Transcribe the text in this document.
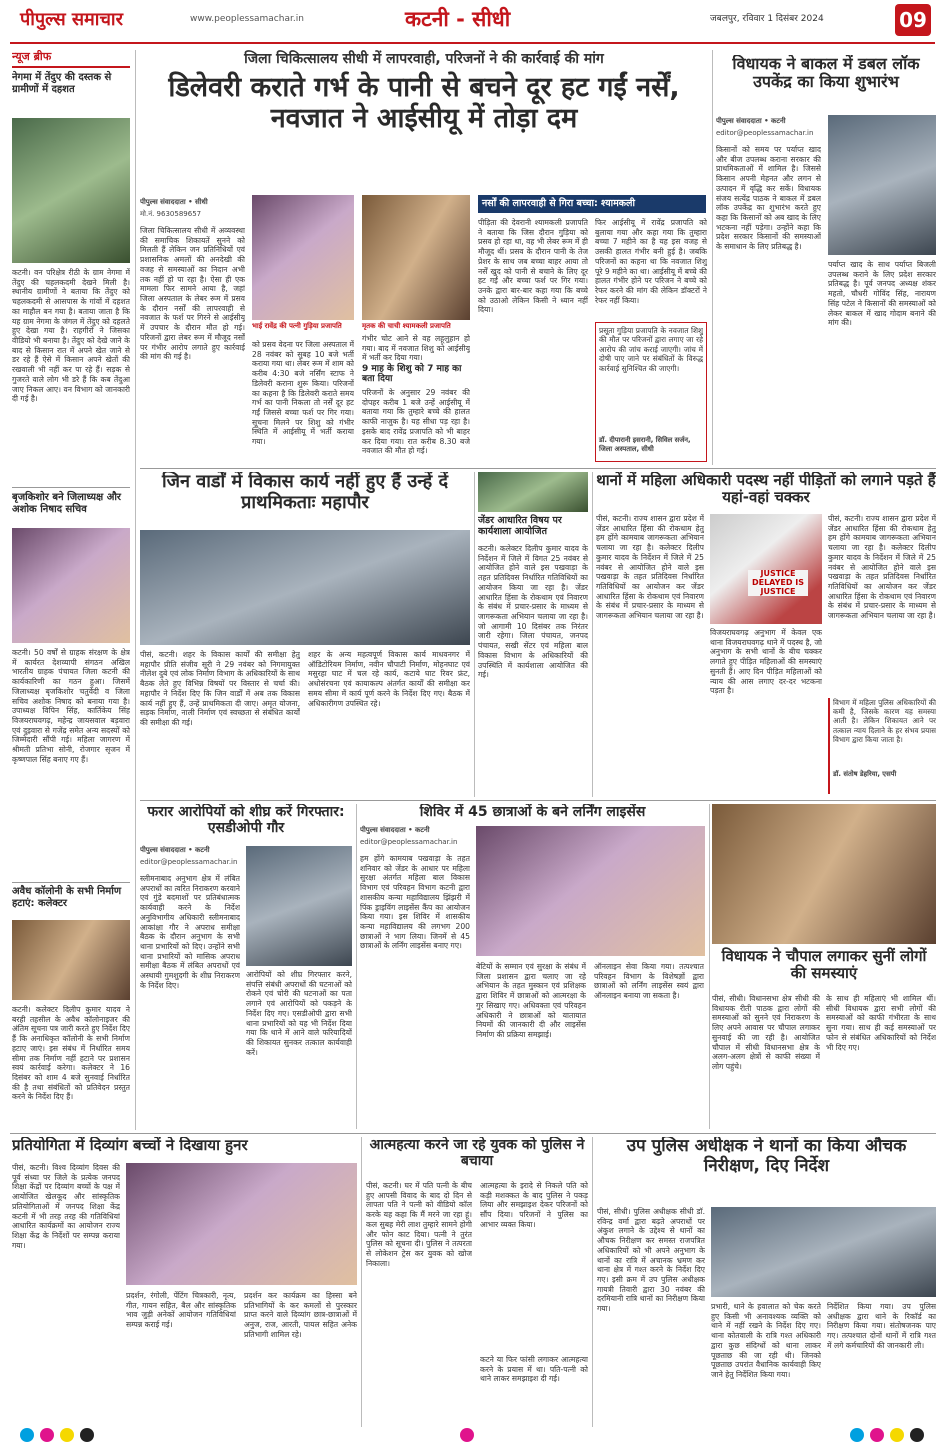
पीपुल्स समाचार	www.peoplessamachar.in	कटनी - सीधी	जबलपुर, रविवार 1 दिसंबर 2024	09
न्यूज ब्रीफ
नेगमा में तेंदुए की दस्तक से ग्रामीणों में दहशत
कटनी। वन परिक्षेत्र रीठी के ग्राम नेगमा में तेंदुए की चहलकदमी देखने मिली है। स्थानीय ग्रामीणों ने बताया कि तेंदुए को चहलकदमी से आसपास के गांवों में दहशत का माहौल बन गया है। बताया जाता है कि यह ग्राम नेगमा के जंगल में तेंदुए को दहलते हुए देखा गया है। राहगीरों ने जिसका वीडियो भी बनाया है। तेंदुए को देखे जाने के बाद से किसान रात में अपने खेत जाने से डर रहे हैं ऐसे में किसान अपने खेतों की रखवाली भी नहीं कर पा रहे हैं। सड़क से गुजरते वाले लोग भी डरे हैं कि कब तेंदुआ जाए निकल आए। वन विभाग को जानकारी दी गई है।
बृजकिशोर बने जिलाध्यक्ष और अशोक निषाद सचिव
कटनी। 50 वर्षों से ग्राहक संरक्षण के क्षेत्र में कार्यरत देशव्यापी संगठन अखिल भारतीय ग्राहक पंचायत जिला कटनी की कार्यकारिणी का गठन हुआ। जिसमें जिलाध्यक्ष बृजकिशोर चतुर्वेदी व जिला सचिव अशोक निषाद को बनाया गया है। उपाध्यक्ष विपिन सिंह, कार्तिकेय सिंह विजयराघवगढ़, महेन्द्र जायसवाल बड़वारा एवं दुइवारा से गजेंद्र समेत अन्य सदस्यों को जिम्मेदारी सौंपी गई। महिला जागरण में श्रीमती प्रतिभा सोनी, रोजगार सृजन में कृष्णपाल सिंह बनाए गए हैं।
अवैध कॉलोनी के सभी निर्माण हटाएं: कलेक्टर
कटनी। कलेक्टर दिलीप कुमार यादव ने बरही तहसील के अवैध कॉलोनाइजर की अंतिम सूचना पत्र जारी करते हुए निर्देश दिए हैं कि अनाधिकृत कॉलोनी के सभी निर्माण हटाए जाएं। इस संबंध में निर्धारित समय सीमा तक निर्माण नहीं हटाने पर प्रशासन स्वयं कार्रवाई करेगा। कलेक्टर ने 16 दिसंबर को शाम 4 बजे सुनवाई निर्धारित की है तथा संबंधितों को प्रतिवेदन प्रस्तुत करने के निर्देश दिए हैं।
जिला चिकित्सालय सीधी में लापरवाही, परिजनों ने की कार्रवाई की मांग
डिलेवरी कराते गर्भ के पानी से बचने दूर हट गईं नर्सें, नवजात ने आईसीयू में तोड़ा दम
पीपुल्स संवाददाता • सीधी
मो.नं. 9630589657
जिला चिकित्सालय सीधी में अव्यवस्था की समाचिक शिकायतें सुनने को मिलती हैं लेकिन जन प्रतिनिधियों एवं प्रशासनिक अमलों की अनदेखी की वजह से समस्याओं का निदान अभी तक नहीं हो पा रहा है। ऐसा ही एक मामला फिर सामने आया है, जहां जिला अस्पताल के लेबर रूम में प्रसव के दौरान नर्सों की लापरवाही से नवजात के फर्श पर गिरने से आईसीयू में उपचार के दौरान मौत हो गई। परिजनों द्वारा लेबर रूम में मौजूद नर्सों पर गंभीर आरोप लगाते हुए कार्रवाई की मांग की गई है।
भाई रावेंद्र की पत्नी गुड़िया प्रजापति
को प्रसव वेदना पर जिला अस्पताल में 28 नवंबर को सुबह 10 बजे भर्ती कराया गया था। लेबर रूम में शाम को करीब 4:30 बजे नर्सिंग स्टाफ ने डिलेवरी कराना शुरू किया। परिजनों का कहना है कि डिलेवरी कराते समय गर्भ का पानी निकला तो नर्सें दूर हट गईं जिससे बच्चा फर्श पर गिर गया। सूचना मिलने पर शिशु को गंभीर स्थिति में आईसीयू में भर्ती कराया गया।
मृतक की चाची श्यामकली प्रजापति
गंभीर चोट आने से वह लहूलुहान हो गया। बाद में नवजात शिशु को आईसीयू में भर्ती कर दिया गया।
9 माह के शिशु को 7 माह का बता दिया
परिजनों के अनुसार 29 नवंबर की दोपहर करीब 1 बजे उन्हें आईसीयू में बताया गया कि तुम्हारे बच्चे की हालत काफी नाजुक है। यह सीधा पड़ रहा है। इसके बाद रावेंद्र प्रजापति को भी बाहर कर दिया गया। रात करीब 8.30 बजे नवजात की मौत हो गई।
नर्सों की लापरवाही से गिरा बच्चा: श्यामकली
पीड़िता की देवरानी श्यामकली प्रजापति ने बताया कि जिस दौरान गुड़िया को प्रसव हो रहा था, वह भी लेबर रूम में ही मौजूद थीं। प्रसव के दौरान पानी के तेज प्रेशर के साथ जब बच्चा बाहर आया तो नर्सें खुद को पानी से बचाने के लिए दूर हट गईं और बच्चा फर्श पर गिर गया। उनके द्वारा बार-बार कहा गया कि बच्चे को उठाओ लेकिन किसी ने ध्यान नहीं दिया।
फिर आईसीयू में रावेंद्र प्रजापति को बुलाया गया और कहा गया कि तुम्हारा बच्चा 7 महीने का है यह इस वजह से उसकी हालत गंभीर बनी हुई है। जबकि परिजनों का कहना था कि नवजात शिशु पूरे 9 महीने का था। आईसीयू में बच्चे की हालत गंभीर होने पर परिजन ने बच्चे को रेफर करने की मांग की लेकिन डॉक्टरों ने रेफर नहीं किया।
प्रसूता गुड़िया प्रजापति के नवजात शिशु की मौत पर परिजनों द्वारा लगाए जा रहे आरोप की जांच कराई जाएगी। जांच में दोषी पाए जाने पर संबंधितों के विरुद्ध कार्रवाई सुनिश्चित की जाएगी।
डॉ. दीपारानी इसरानी, सिविल सर्जन, जिला अस्पताल, सीधी
विधायक ने बाकल में डबल लॉक उपकेंद्र का किया शुभारंभ
पीपुल्स संवाददाता • कटनी
editor@peoplessamachar.in
किसानों को समय पर पर्याप्त खाद और बीज उपलब्ध कराना सरकार की प्राथमिकताओं में शामिल है। जिससे किसान अपनी मेहनत और लगन से उत्पादन में वृद्धि कर सकें। विधायक संजय सत्येंद्र पाठक ने बाकल में डबल लॉक उपकेंद्र का शुभारंभ करते हुए कहा कि किसानों को अब खाद के लिए भटकना नहीं पड़ेगा। उन्होंने कहा कि प्रदेश सरकार किसानों की समस्याओं के समाधान के लिए प्रतिबद्ध है।
पर्याप्त खाद के साथ पर्याप्त बिजली उपलब्ध कराने के लिए प्रदेश सरकार प्रतिबद्ध है। पूर्व जनपद अध्यक्ष शंकर महतो, चौधरी गोविंद सिंह, नारायण सिंह पटेल ने किसानों की समस्याओं को लेकर बाकल में खाद गोदाम बनाने की मांग की।
जिन वार्डों में विकास कार्य नहीं हुए हैं उन्हें दें प्राथमिकताः महापौर
पीसं, कटनी। शहर के विकास कार्यों की समीक्षा हेतु महापौर प्रीति संजीव सूरी ने 29 नवंबर को निगमायुक्त नीलेश दुबे एवं लोक निर्माण विभाग के अधिकारियों के साथ बैठक लेते हुए विभिन्न विषयों पर विस्तार से चर्चा की। महापौर ने निर्देश दिए कि जिन वार्डों में अब तक विकास कार्य नहीं हुए हैं, उन्हें प्राथमिकता दी जाए। अमृत योजना, सड़क निर्माण, नाली निर्माण एवं स्वच्छता से संबंधित कार्यों की समीक्षा की गई।
शहर के अन्य महत्वपूर्ण विकास कार्य माधवनगर में ऑडिटोरियम निर्माण, नवीन चौपाटी निर्माण, मोहनघाट एवं मसुरहा घाट में चल रहे कार्य, कटाये घाट रिवर फ्रंट, अधोसंरचना एवं कायाकल्प अंतर्गत कार्यों की समीक्षा कर समय सीमा में कार्य पूर्ण करने के निर्देश दिए गए। बैठक में अधिकारीगण उपस्थित रहे।
जेंडर आधारित विषय पर कार्यशाला आयोजित
कटनी। कलेक्टर दिलीप कुमार यादव के निर्देशन में जिले में विगत 25 नवंबर से आयोजित होने वाले इस पखवाड़ा के तहत प्रतिदिवस निर्धारित गतिविधियों का आयोजन किया जा रहा है। जेंडर आधारित हिंसा के रोकथाम एवं निवारण के संबंध में प्रचार-प्रसार के माध्यम से जागरूकता अभियान चलाया जा रहा है। जो आगामी 10 दिसंबर तक निरंतर जारी रहेगा। जिला पंचायत, जनपद पंचायत, सखी सेंटर एवं महिला बाल विकास विभाग के अधिकारियों की उपस्थिति में कार्यशाला आयोजित की गई।
थानों में महिला अधिकारी पदस्थ नहीं पीड़ितों को लगाने पड़ते हैं यहां-वहां चक्कर
पीसं, कटनी। राज्य शासन द्वारा प्रदेश में जेंडर आधारित हिंसा की रोकथाम हेतु हम होंगे कामयाब जागरूकता अभियान चलाया जा रहा है। कलेक्टर दिलीप कुमार यादव के निर्देशन में जिले में 25 नवंबर से आयोजित होने वाले इस पखवाड़ा के तहत प्रतिदिवस निर्धारित गतिविधियों का आयोजन कर जेंडर आधारित हिंसा के रोकथाम एवं निवारण के संबंध में प्रचार-प्रसार के माध्यम से जागरूकता अभियान चलाया जा रहा है।
JUSTICE DELAYED IS JUSTICE
विजयराघवगढ़ अनुभाग में केवल एक थाना विजयराघवगढ़ थाने में पदस्थ है, जो अनुभाग के सभी थानों के बीच चक्कर लगाते हुए पीड़ित महिलाओं की समस्याएं सुनती हैं। आए दिन पीड़ित महिलाओं को न्याय की आस लगाए दर-दर भटकना पड़ता है।
पीसं, कटनी। राज्य शासन द्वारा प्रदेश में जेंडर आधारित हिंसा की रोकथाम हेतु हम होंगे कामयाब जागरूकता अभियान चलाया जा रहा है। कलेक्टर दिलीप कुमार यादव के निर्देशन में जिले में 25 नवंबर से आयोजित होने वाले इस पखवाड़ा के तहत प्रतिदिवस निर्धारित गतिविधियों का आयोजन कर जेंडर आधारित हिंसा के रोकथाम एवं निवारण के संबंध में प्रचार-प्रसार के माध्यम से जागरूकता अभियान चलाया जा रहा है।
विभाग में महिला पुलिस अधिकारियों की कमी है, जिसके कारण यह समस्या आती है। लेकिन शिकायत आने पर तत्काल न्याय दिलाने के हर संभव प्रयास विभाग द्वारा किया जाता है।
डॉ. संतोष डेहरिया, एसपी
फरार आरोपियों को शीघ्र करें गिरफ्तार: एसडीओपी गौर
पीपुल्स संवाददाता • कटनी
editor@peoplessamachar.in
स्लीमनाबाद अनुभाग क्षेत्र में लंबित अपराधों का त्वरित निराकरण करवाने एवं गुंडे बदमाशों पर प्रतिबंधात्मक कार्यवाही करने के निर्देश अनुविभागीय अधिकारी स्लीमनाबाद आकांक्षा गौर ने अपराध समीक्षा बैठक के दौरान अनुभाग के सभी थाना प्रभारियों को दिए। उन्होंने सभी थाना प्रभारियों को मासिक अपराध समीक्षा बैठक में लंबित अपराधों एवं अस्थायी गुमशुदगी के शीघ्र निराकरण के निर्देश दिए।
आरोपियों को शीघ्र गिरफ्तार करने, संपत्ति संबंधी अपराधों की घटनाओं को रोकने एवं चोरी की घटनाओं का पता लगाने एवं आरोपियों को पकड़ने के निर्देश दिए गए। एसडीओपी द्वारा सभी थाना प्रभारियों को यह भी निर्देश दिया गया कि थाने में आने वाले फरियादियों की शिकायत सुनकर तत्काल कार्यवाही करें।
शिविर में 45 छात्राओं के बने लर्निंग लाइसेंस
पीपुल्स संवाददाता • कटनी
editor@peoplessamachar.in
हम होंगे कामयाब पखवाड़ा के तहत शनिवार को जेंडर के आधार पर महिला सुरक्षा अंतर्गत महिला बाल विकास विभाग एवं परिवहन विभाग कटनी द्वारा शासकीय कन्या महाविद्यालय झिंझरी में पिंक ड्राइविंग लाइसेंस कैंप का आयोजन किया गया। इस शिविर में शासकीय कन्या महाविद्यालय की लगभग 200 छात्राओं ने भाग लिया। जिनमें से 45 छात्राओं के लर्निंग लाइसेंस बनाए गए।
बेटियों के सम्मान एवं सुरक्षा के संबंध में जिला प्रशासन द्वारा चलाए जा रहे अभियान के तहत मुस्कान एवं प्रशिक्षक द्वारा शिविर में छात्राओं को आत्मरक्षा के गुर सिखाए गए। अधिवक्ता एवं परिवहन अधिकारी ने छात्राओं को यातायात नियमों की जानकारी दी और लाइसेंस निर्माण की प्रक्रिया समझाई।
ऑनलाइन सेवा किया गया। तत्पश्चात परिवहन विभाग के विशेषज्ञों द्वारा छात्राओं को लर्निंग लाइसेंस स्वयं द्वारा ऑनलाइन बनाया जा सकता है।
विधायक ने चौपाल लगाकर सुनीं लोगों की समस्याएं
पीसं, सीधी। विधानसभा क्षेत्र सीधी की विधायक रीती पाठक द्वारा लोगों की समस्याओं को सुनने एवं निराकरण के लिए अपने आवास पर चौपाल लगाकर सुनवाई की जा रही है। आयोजित चौपाल में सीधी विधानसभा क्षेत्र के अलग-अलग क्षेत्रों से काफी संख्या में लोग पहुंचे।
के साथ ही महिलाएं भी शामिल थीं। सीधी विधायक द्वारा सभी लोगों की समस्याओं को काफी गंभीरता के साथ सुना गया। साथ ही कई समस्याओं पर फोन से संबंधित अधिकारियों को निर्देश भी दिए गए।
प्रतियोगिता में दिव्यांग बच्चों ने दिखाया हुनर
पीसं, कटनी। विश्व दिव्यांग दिवस की पूर्व संध्या पर जिले के प्रत्येक जनपद शिक्षा केंद्रों पर दिव्यांग बच्चों के पक्ष में आयोजित खेलकूद और सांस्कृतिक प्रतियोगिताओं में जनपद शिक्षा केंद्र कटनी में भी तरह तरह की गतिविधियां आधारित कार्यक्रमों का आयोजन राज्य शिक्षा केंद्र के निर्देशों पर सम्पन्न कराया गया।
प्रदर्शन, रंगोली, पेंटिंग चित्रकारी, नृत्य, गीत, गायन सहित, बैल और सांस्कृतिक भाव जुड़ी अनेकों आयोजन गतिविधियां सम्पन्न कराई गई।
प्रदर्शन कर कार्यक्रम का हिस्सा बने प्रतिभागियों के कर कमलों से पुरस्कार प्राप्त करने वाले दिव्यांग छात्र-छात्राओं में अनुज, राज, आरती, पायल सहित अनेक प्रतिभागी शामिल रहे।
आत्महत्या करने जा रहे युवक को पुलिस ने बचाया
पीसं, कटनी। घर में पति पत्नी के बीच हुए आपसी विवाद के बाद दो दिन से लापता पति ने पत्नी को वीडियो कॉल करके यह कहा कि मैं मरने जा रहा हूं। कल सुबह मेरी लाश तुम्हारे सामने होगी और फोन काट दिया। पत्नी ने तुरंत पुलिस को सूचना दी। पुलिस ने तत्परता से लोकेशन ट्रेस कर युवक को खोज निकाला।
आत्महत्या के इरादे से निकले पति को कड़ी मशक्कत के बाद पुलिस ने पकड़ लिया और समझाइश देकर परिजनों को सौंप दिया। परिजनों ने पुलिस का आभार व्यक्त किया।
कटने या फिर फांसी लगाकर आत्महत्या करने के प्रयास में था। पति-पत्नी को थाने लाकर समझाइश दी गई।
उप पुलिस अधीक्षक ने थानों का किया औचक निरीक्षण, दिए निर्देश
पीसं, सीधी। पुलिस अधीक्षक सीधी डॉ. रविन्द्र वर्मा द्वारा बढ़ते अपराधों पर अंकुश लगाने के उद्देश्य से थानों का औचक निरीक्षण कर समस्त राजपत्रित अधिकारियों को भी अपने अनुभाग के थानों का रात्रि में अचानक भ्रमण कर थाना क्षेत्र में गश्त करने के निर्देश दिए गए। इसी क्रम में उप पुलिस अधीक्षक गायत्री तिवारी द्वारा 30 नवंबर की दरमियानी रात्रि थानों का निरीक्षण किया गया।	प्रभारी, थाने के हवालात को चेक करते हुए किसी भी अनावश्यक व्यक्ति को थाने में नहीं रखने के निर्देश दिए गए। थाना कोतवाली के रात्रि गश्त अधिकारी द्वारा कुछ संदिग्धों को थाना लाकर पूछताछ की जा रही थी। जिनको पूछताछ उपरांत वैधानिक कार्यवाही किए जाने हेतु निर्देशित किया गया।
निर्देशित किया गया। उप पुलिस अधीक्षक द्वारा थाने के रिकॉर्ड का निरीक्षण किया गया। संतोषजनक पाए गए। तत्पश्चात दोनों थानों में रात्रि गश्त में लगे कर्मचारियों की जानकारी ली।
